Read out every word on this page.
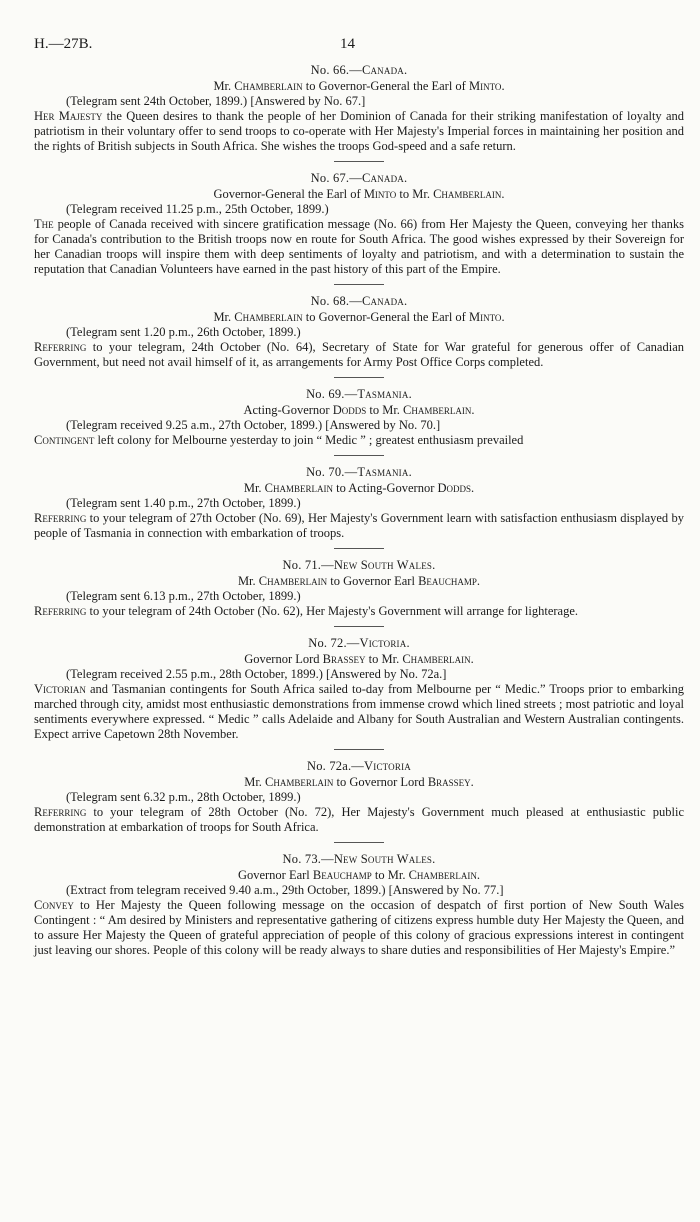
H.—27B.	14
No. 66.—Canada.
Mr. Chamberlain to Governor-General the Earl of Minto.
(Telegram sent 24th October, 1899.) [Answered by No. 67.]
Her Majesty the Queen desires to thank the people of her Dominion of Canada for their striking manifestation of loyalty and patriotism in their voluntary offer to send troops to co-operate with Her Majesty's Imperial forces in maintaining her position and the rights of British subjects in South Africa. She wishes the troops God-speed and a safe return.
No. 67.—Canada.
Governor-General the Earl of Minto to Mr. Chamberlain.
(Telegram received 11.25 p.m., 25th October, 1899.)
The people of Canada received with sincere gratification message (No. 66) from Her Majesty the Queen, conveying her thanks for Canada's contribution to the British troops now en route for South Africa. The good wishes expressed by their Sovereign for her Canadian troops will inspire them with deep sentiments of loyalty and patriotism, and with a determination to sustain the reputation that Canadian Volunteers have earned in the past history of this part of the Empire.
No. 68.—Canada.
Mr. Chamberlain to Governor-General the Earl of Minto.
(Telegram sent 1.20 p.m., 26th October, 1899.)
Referring to your telegram, 24th October (No. 64), Secretary of State for War grateful for generous offer of Canadian Government, but need not avail himself of it, as arrangements for Army Post Office Corps completed.
No. 69.—Tasmania.
Acting-Governor Dodds to Mr. Chamberlain.
(Telegram received 9.25 a.m., 27th October, 1899.) [Answered by No. 70.]
Contingent left colony for Melbourne yesterday to join “ Medic ” ; greatest enthusiasm prevailed
No. 70.—Tasmania.
Mr. Chamberlain to Acting-Governor Dodds.
(Telegram sent 1.40 p.m., 27th October, 1899.)
Referring to your telegram of 27th October (No. 69), Her Majesty's Government learn with satisfaction enthusiasm displayed by people of Tasmania in connection with embarkation of troops.
No. 71.—New South Wales.
Mr. Chamberlain to Governor Earl Beauchamp.
(Telegram sent 6.13 p.m., 27th October, 1899.)
Referring to your telegram of 24th October (No. 62), Her Majesty's Government will arrange for lighterage.
No. 72.—Victoria.
Governor Lord Brassey to Mr. Chamberlain.
(Telegram received 2.55 p.m., 28th October, 1899.) [Answered by No. 72a.]
Victorian and Tasmanian contingents for South Africa sailed to-day from Melbourne per “ Medic.” Troops prior to embarking marched through city, amidst most enthusiastic demonstrations from immense crowd which lined streets ; most patriotic and loyal sentiments everywhere expressed. “ Medic ” calls Adelaide and Albany for South Australian and Western Australian contingents. Expect arrive Capetown 28th November.
No. 72a.—Victoria
Mr. Chamberlain to Governor Lord Brassey.
(Telegram sent 6.32 p.m., 28th October, 1899.)
Referring to your telegram of 28th October (No. 72), Her Majesty's Government much pleased at enthusiastic public demonstration at embarkation of troops for South Africa.
No. 73.—New South Wales.
Governor Earl Beauchamp to Mr. Chamberlain.
(Extract from telegram received 9.40 a.m., 29th October, 1899.) [Answered by No. 77.]
Convey to Her Majesty the Queen following message on the occasion of despatch of first portion of New South Wales Contingent : “ Am desired by Ministers and representative gathering of citizens express humble duty Her Majesty the Queen, and to assure Her Majesty the Queen of grateful appreciation of people of this colony of gracious expressions interest in contingent just leaving our shores. People of this colony will be ready always to share duties and responsibilities of Her Majesty's Empire.”
